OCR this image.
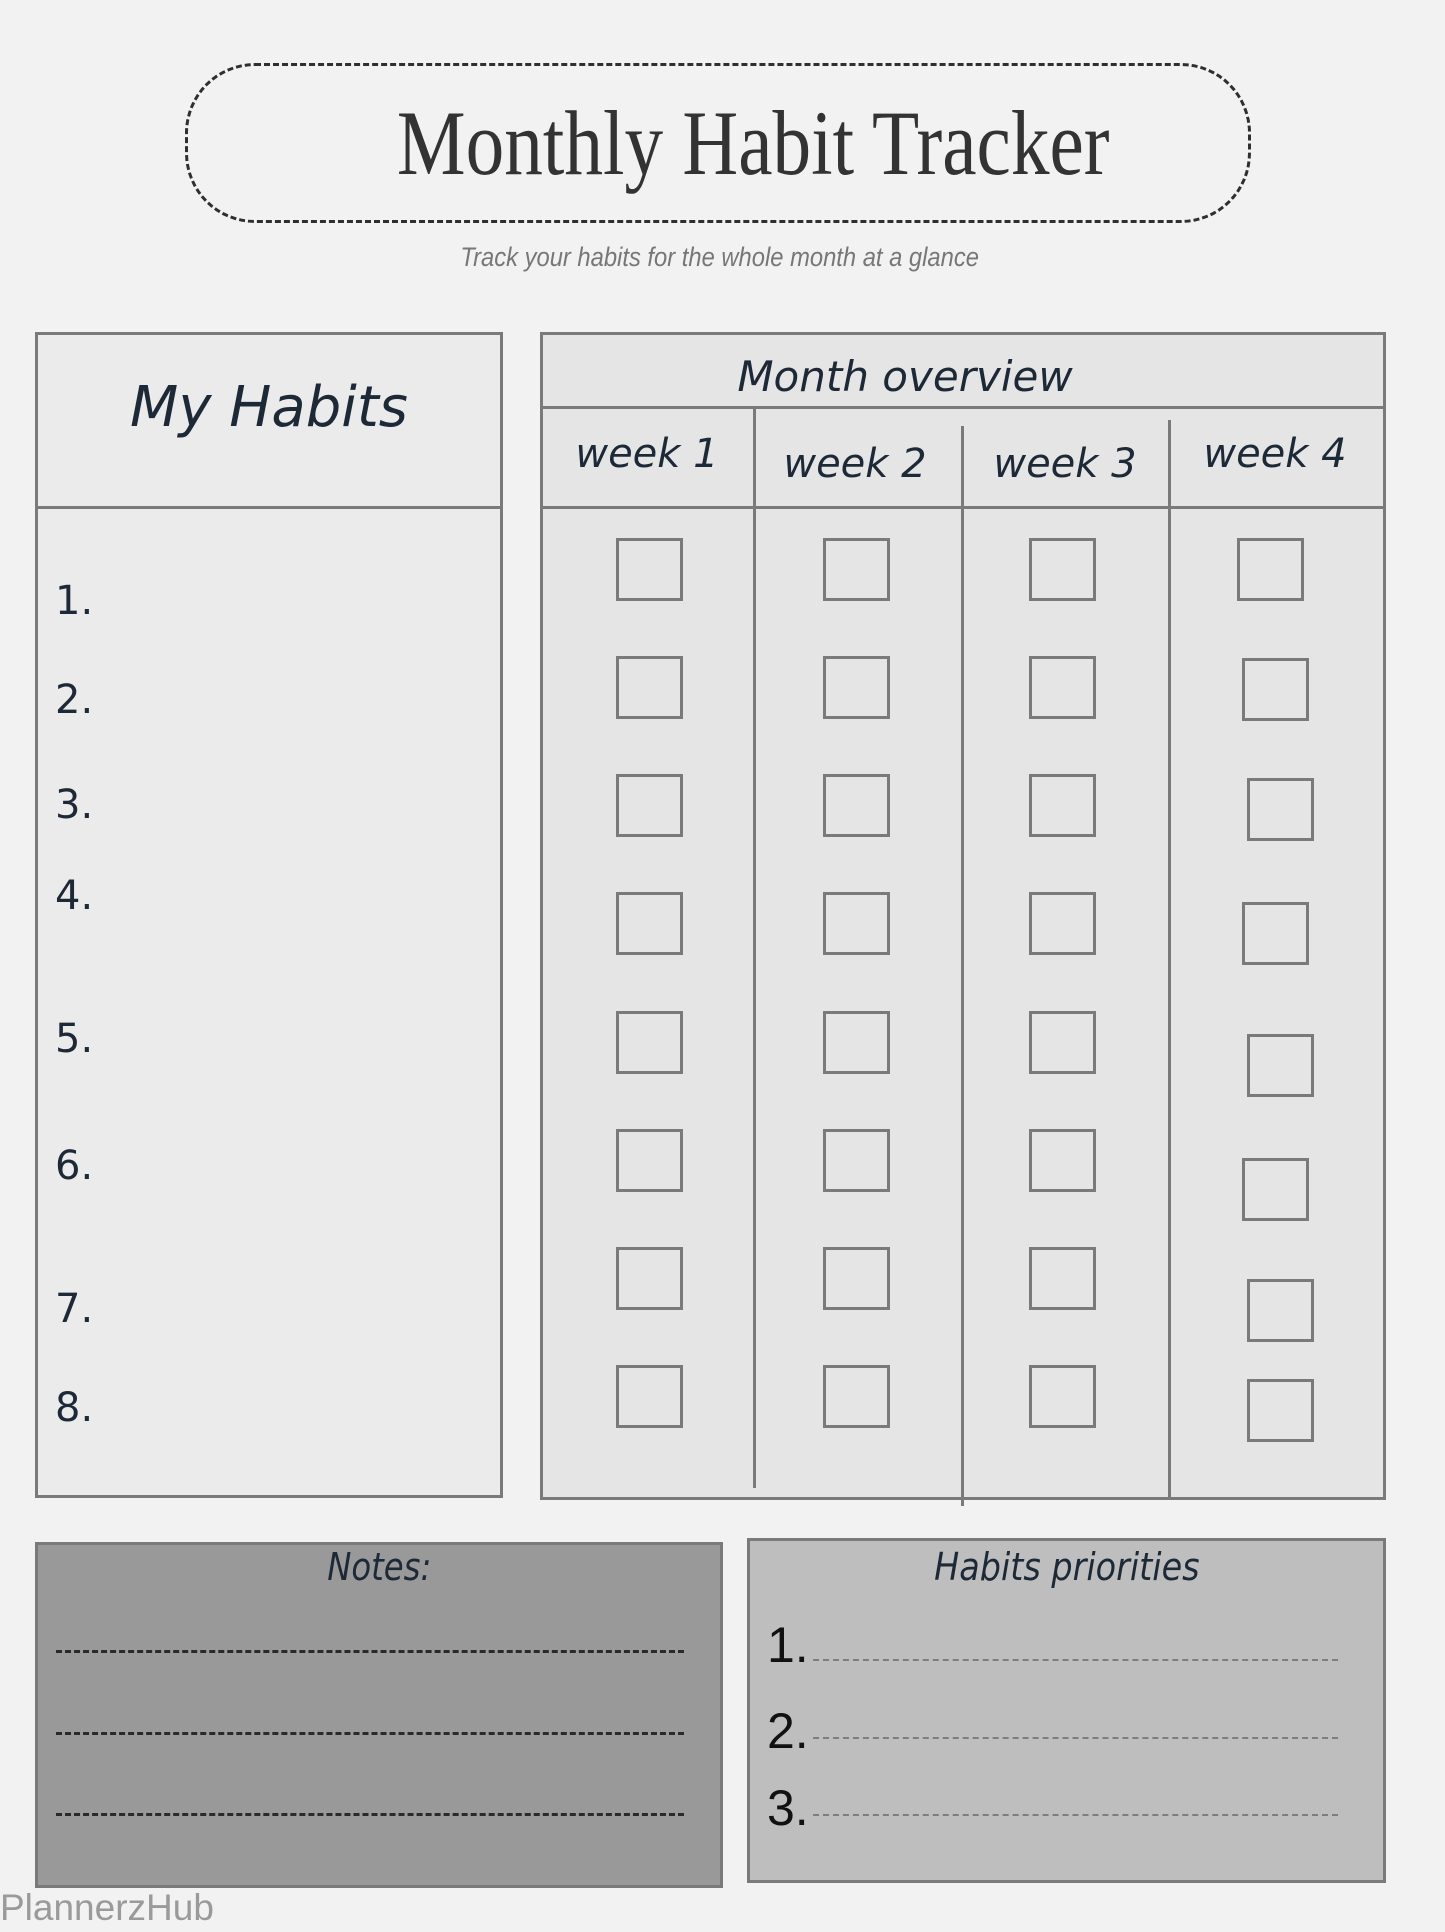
Monthly Habit Tracker
Track your habits for the whole month at a glance
My Habits
1.
2.
3.
4.
5.
6.
7.
8.
Month overview
week 1	week 2	week 3	week 4
Notes:	Habits priorities
1.
2.
3.
PlannerzHub
